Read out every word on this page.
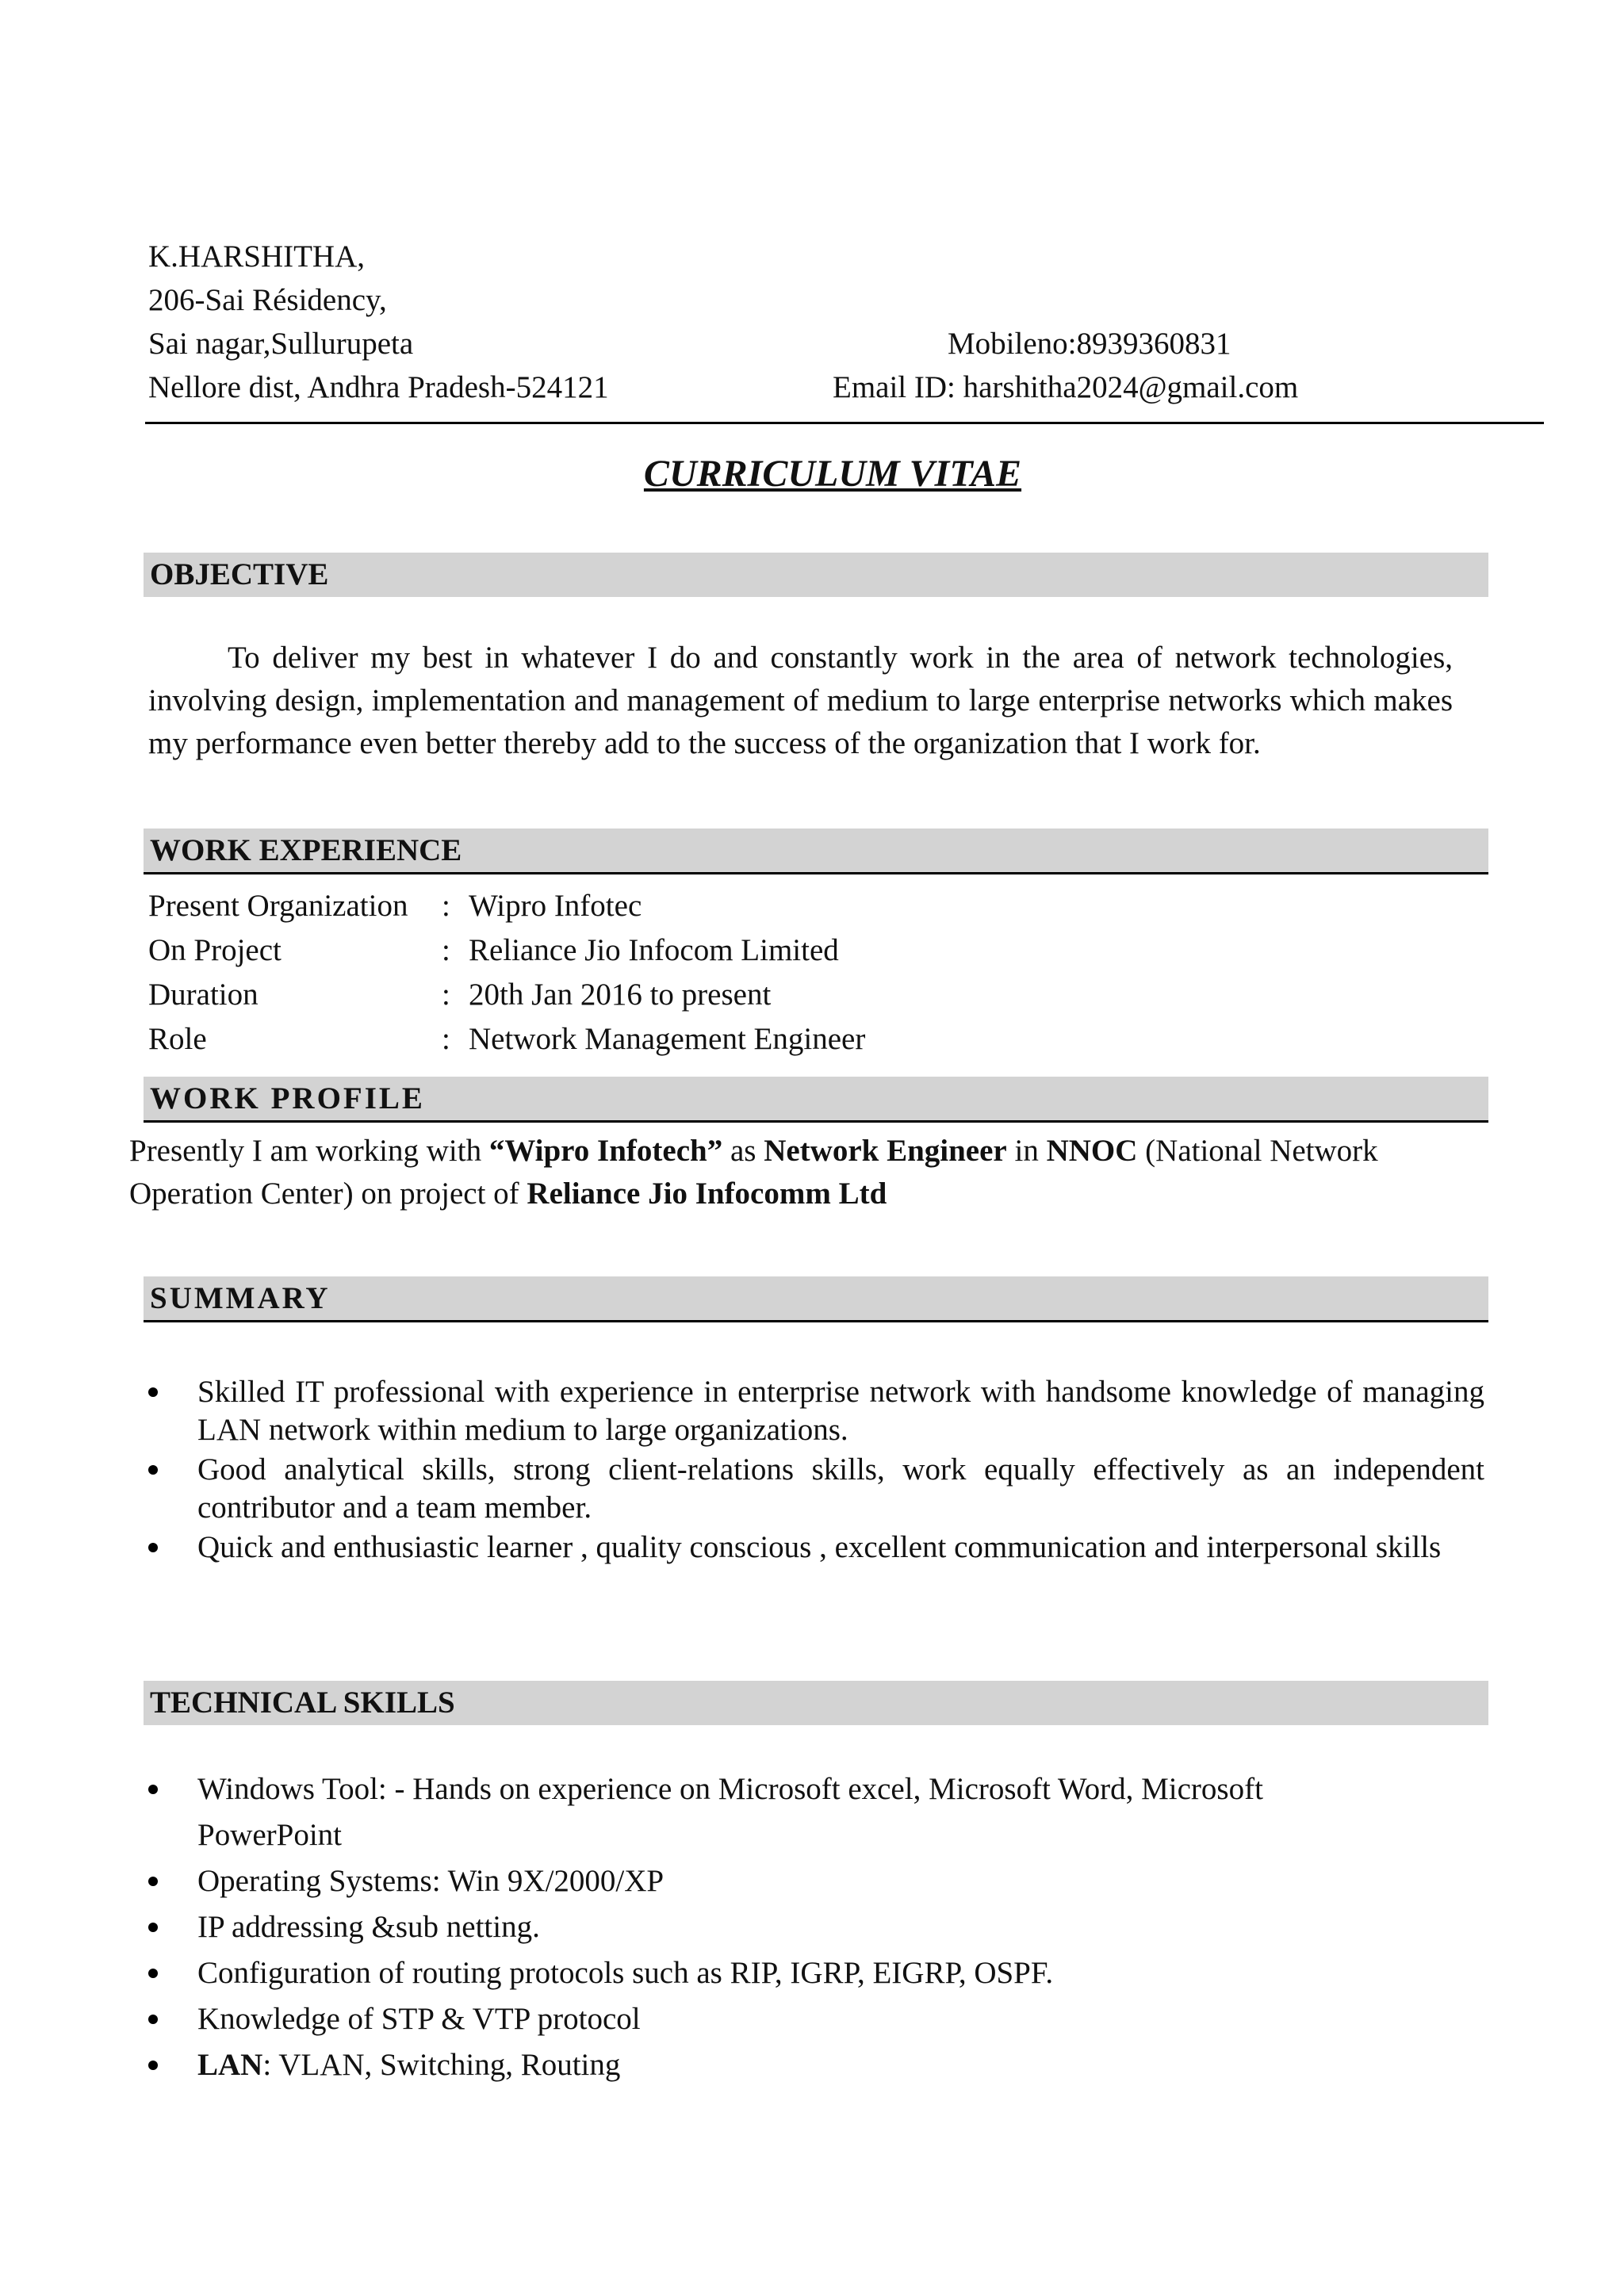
K.HARSHITHA,
206-Sai Résidency,
Sai nagar,Sullurupeta
Nellore dist, Andhra Pradesh-524121
Mobileno:8939360831
Email ID: harshitha2024@gmail.com
CURRICULUM VITAE
OBJECTIVE
To deliver my best in whatever I do and constantly work in the area of network technologies, involving design, implementation and management of medium to large enterprise networks which makes my performance even better thereby add to the success of the organization that I work for.
WORK EXPERIENCE
Present Organization : Wipro Infotec
On Project	: Reliance Jio Infocom Limited
Duration	: 20th Jan 2016 to present
Role	: Network Management Engineer
WORK PROFILE
Presently I am working with “Wipro Infotech” as Network Engineer in NNOC (National Network Operation Center) on project of Reliance Jio Infocomm Ltd
SUMMARY
Skilled IT professional with experience in enterprise network with handsome knowledge of managing LAN network within medium to large organizations.
Good analytical skills, strong client-relations skills, work equally effectively as an independent contributor and a team member.
Quick and enthusiastic learner , quality conscious , excellent communication and interpersonal skills
TECHNICAL SKILLS
Windows Tool: - Hands on experience on Microsoft excel, Microsoft Word, Microsoft
PowerPoint
Operating Systems: Win 9X/2000/XP
IP addressing &sub netting.
Configuration of routing protocols such as RIP, IGRP, EIGRP, OSPF.
Knowledge of STP & VTP protocol
LAN: VLAN, Switching, Routing
